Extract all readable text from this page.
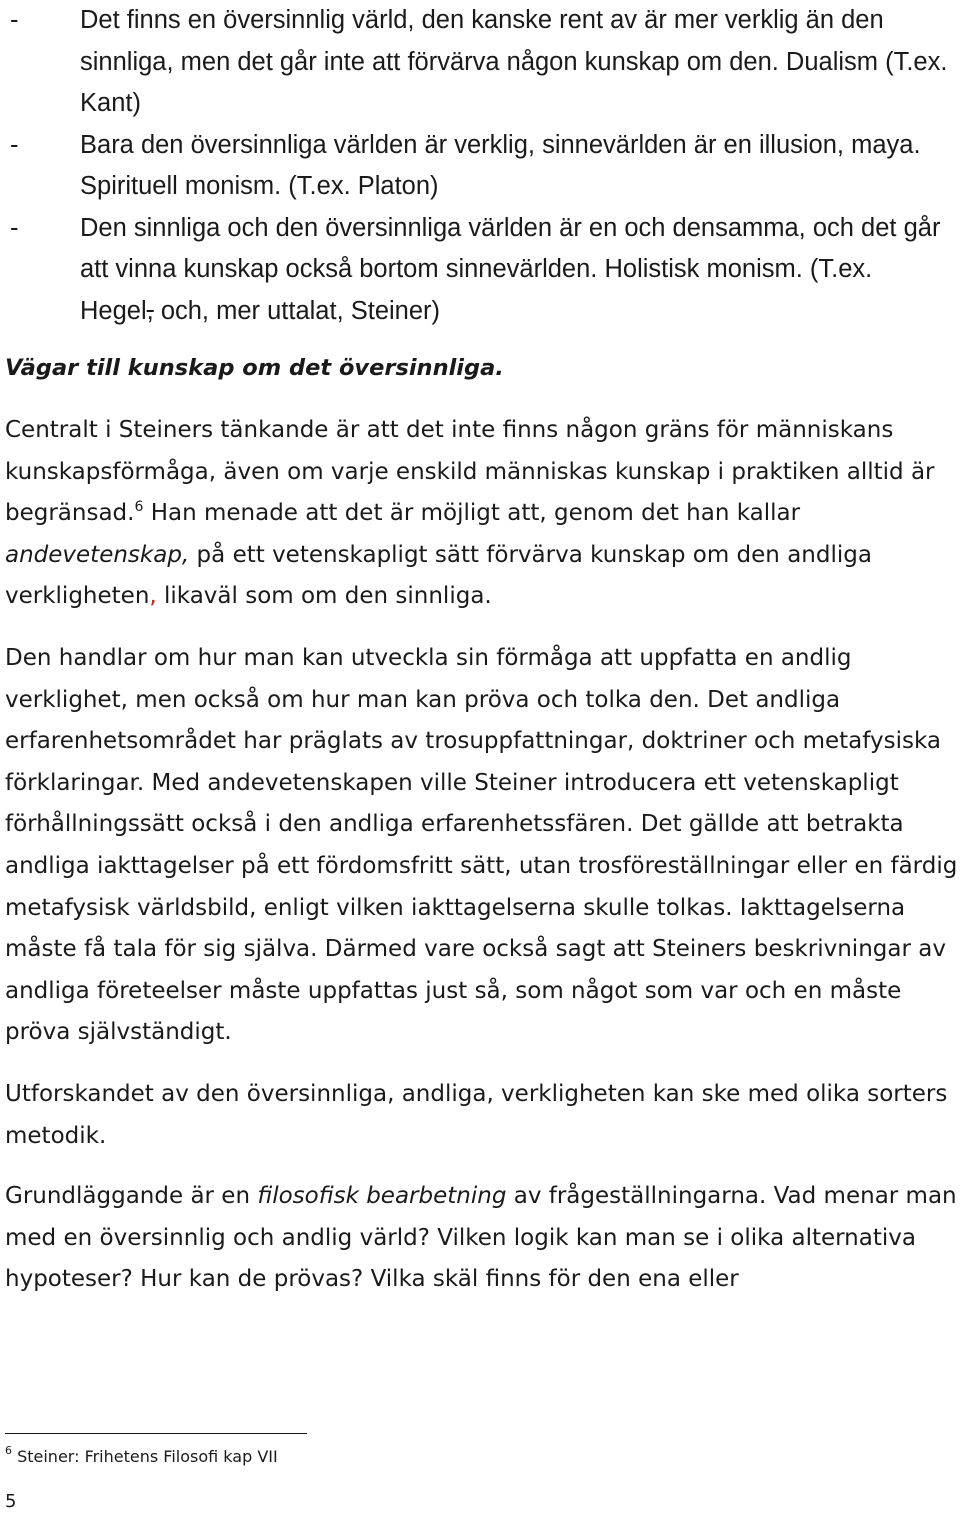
- Det finns en översinnlig värld, den kanske rent av är mer verklig än den sinnliga, men det går inte att förvärva någon kunskap om den. Dualism (T.ex. Kant)
- Bara den översinnliga världen är verklig, sinnevärlden är en illusion, maya. Spirituell monism. (T.ex. Platon)
- Den sinnliga och den översinnliga världen är en och densamma, och det går att vinna kunskap också bortom sinnevärlden. Holistisk monism. (T.ex. Hegel, och, mer uttalat, Steiner)
Vägar till kunskap om det översinnliga.

Centralt i Steiners tänkande är att det inte finns någon gräns för människans kunskapsförmåga, även om varje enskild människas kunskap i praktiken alltid är begränsad.$^6$ Han menade att det är möjligt att, genom det han kallar andevetenskap, på ett vetenskapligt sätt förvärva kunskap om den andliga verkligheten, likaväl som om den sinnliga.

Den handlar om hur man kan utveckla sin förmåga att uppfatta en andlig verklighet, men också om hur man kan pröva och tolka den. Det andliga erfarenhetsområdet har präglats av trosuppfattningar, doktriner och metafysiska förklaringar. Med andevetenskapen ville Steiner introducera ett vetenskapligt förhållningssätt också i den andliga erfarenhetssfären. Det gällde att betrakta andliga iakttagelser på ett fördomsfritt sätt, utan trosföreställningar eller en färdig metafysisk världsbild, enligt vilken iakttagelserna skulle tolkas. Iakttagelserna måste få tala för sig själva. Därmed vare också sagt att Steiners beskrivningar av andliga företeelser måste uppfattas just så, som något som var och en måste pröva självständigt.

Utforskandet av den översinnliga, andliga, verkligheten kan ske med olika sorters metodik.

Grundläggande är en filosofisk bearbetning av frågeställningarna. Vad menar man med en översinnlig och andlig värld? Vilken logik kan man se i olika alternativa hypoteser? Hur kan de prövas? Vilka skäl finns för den ena eller

$^6$ Steiner: Frihetens Filosofi kap VII
5
